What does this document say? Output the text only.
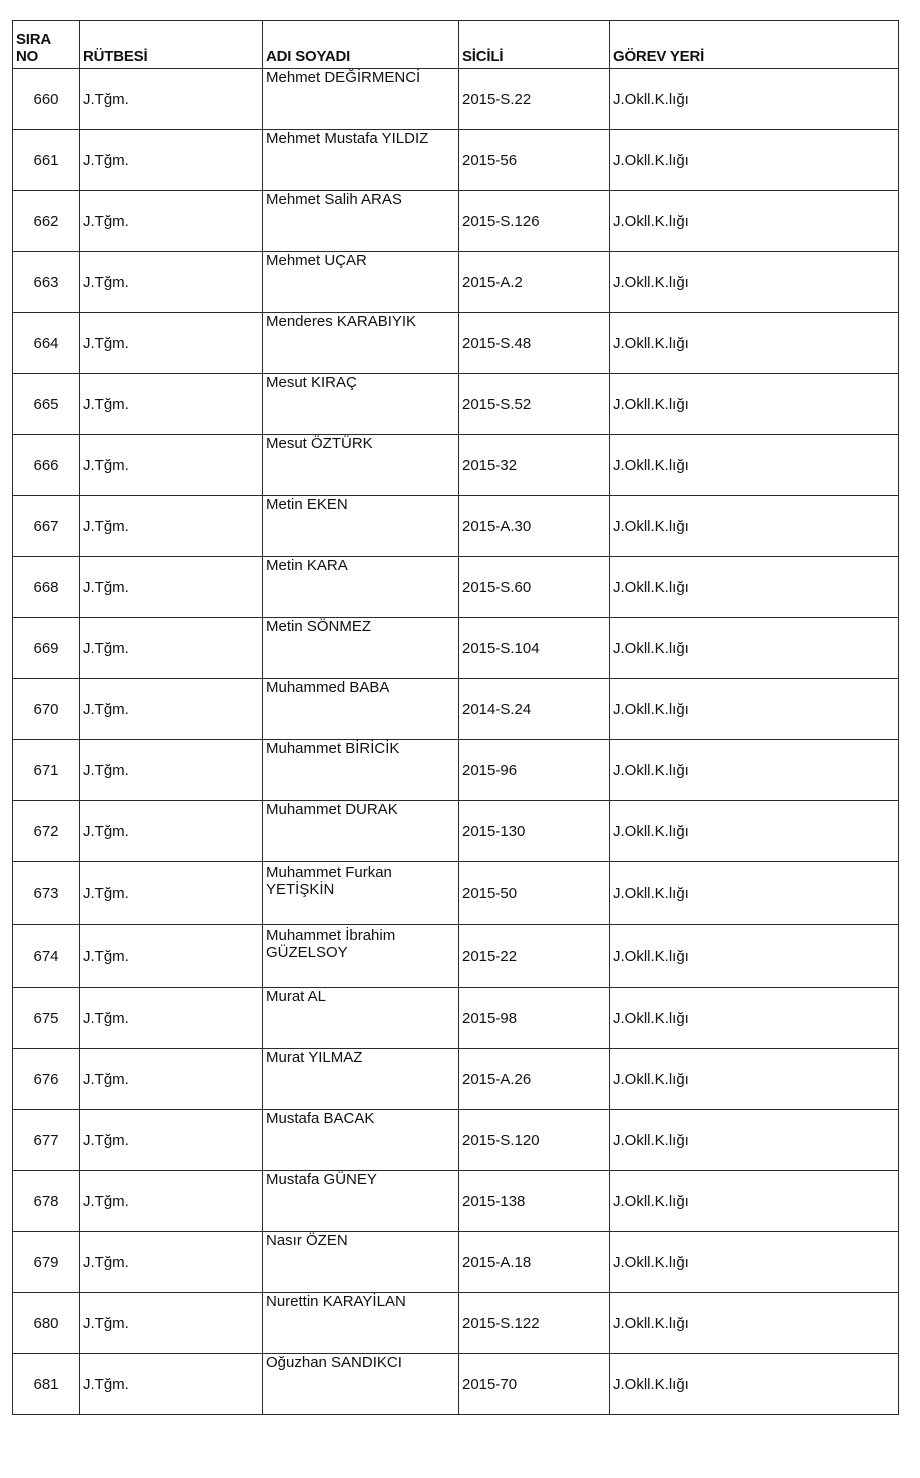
SIRA NO	RÜTBESİ	ADI SOYADI	SİCİLİ	GÖREV YERİ
660	J.Tğm.	Mehmet DEĞİRMENCİ	2015-S.22	J.Okll.K.lığı
661	J.Tğm.	Mehmet Mustafa YILDIZ	2015-56	J.Okll.K.lığı
662	J.Tğm.	Mehmet Salih ARAS	2015-S.126	J.Okll.K.lığı
663	J.Tğm.	Mehmet UÇAR	2015-A.2	J.Okll.K.lığı
664	J.Tğm.	Menderes KARABIYIK	2015-S.48	J.Okll.K.lığı
665	J.Tğm.	Mesut KIRAÇ	2015-S.52	J.Okll.K.lığı
666	J.Tğm.	Mesut ÖZTÜRK	2015-32	J.Okll.K.lığı
667	J.Tğm.	Metin EKEN	2015-A.30	J.Okll.K.lığı
668	J.Tğm.	Metin KARA	2015-S.60	J.Okll.K.lığı
669	J.Tğm.	Metin SÖNMEZ	2015-S.104	J.Okll.K.lığı
670	J.Tğm.	Muhammed BABA	2014-S.24	J.Okll.K.lığı
671	J.Tğm.	Muhammet BİRİCİK	2015-96	J.Okll.K.lığı
672	J.Tğm.	Muhammet DURAK	2015-130	J.Okll.K.lığı
673	J.Tğm.	Muhammet Furkan YETİŞKİN	2015-50	J.Okll.K.lığı
674	J.Tğm.	Muhammet İbrahim GÜZELSOY	2015-22	J.Okll.K.lığı
675	J.Tğm.	Murat AL	2015-98	J.Okll.K.lığı
676	J.Tğm.	Murat YILMAZ	2015-A.26	J.Okll.K.lığı
677	J.Tğm.	Mustafa BACAK	2015-S.120	J.Okll.K.lığı
678	J.Tğm.	Mustafa GÜNEY	2015-138	J.Okll.K.lığı
679	J.Tğm.	Nasır ÖZEN	2015-A.18	J.Okll.K.lığı
680	J.Tğm.	Nurettin KARAYİLAN	2015-S.122	J.Okll.K.lığı
681	J.Tğm.	Oğuzhan SANDIKCI	2015-70	J.Okll.K.lığı
